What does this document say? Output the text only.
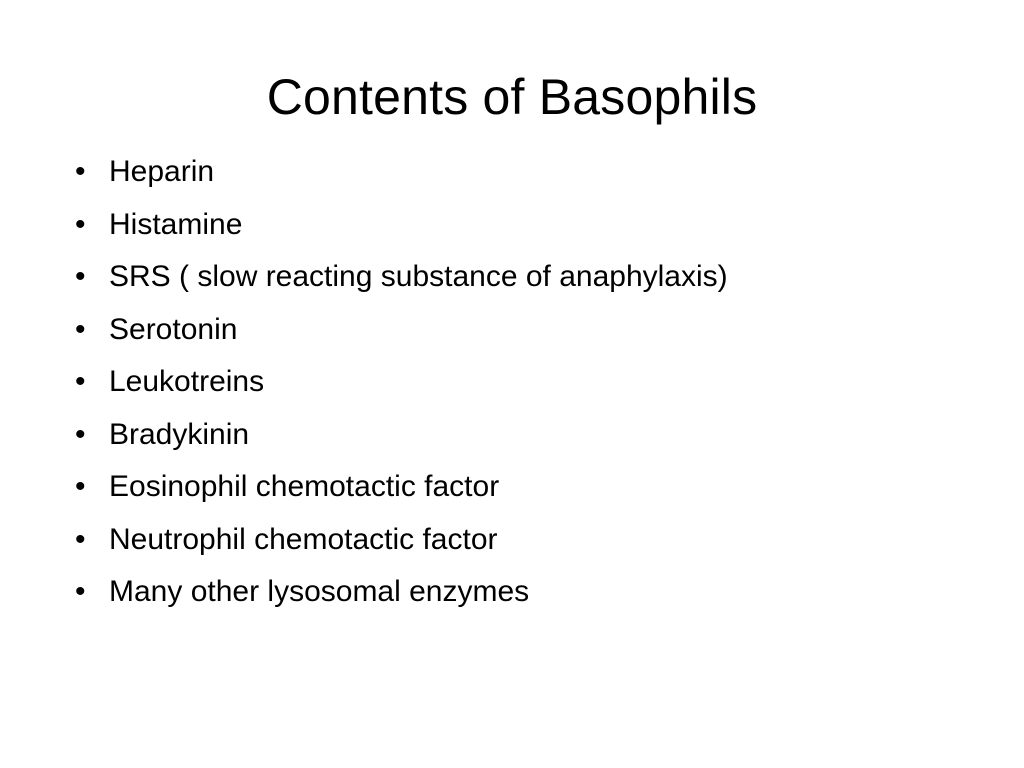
Contents of Basophils
• Heparin
• Histamine
• SRS ( slow reacting substance of anaphylaxis)
• Serotonin
• Leukotreins
• Bradykinin
• Eosinophil chemotactic factor
• Neutrophil chemotactic factor
• Many other lysosomal enzymes
